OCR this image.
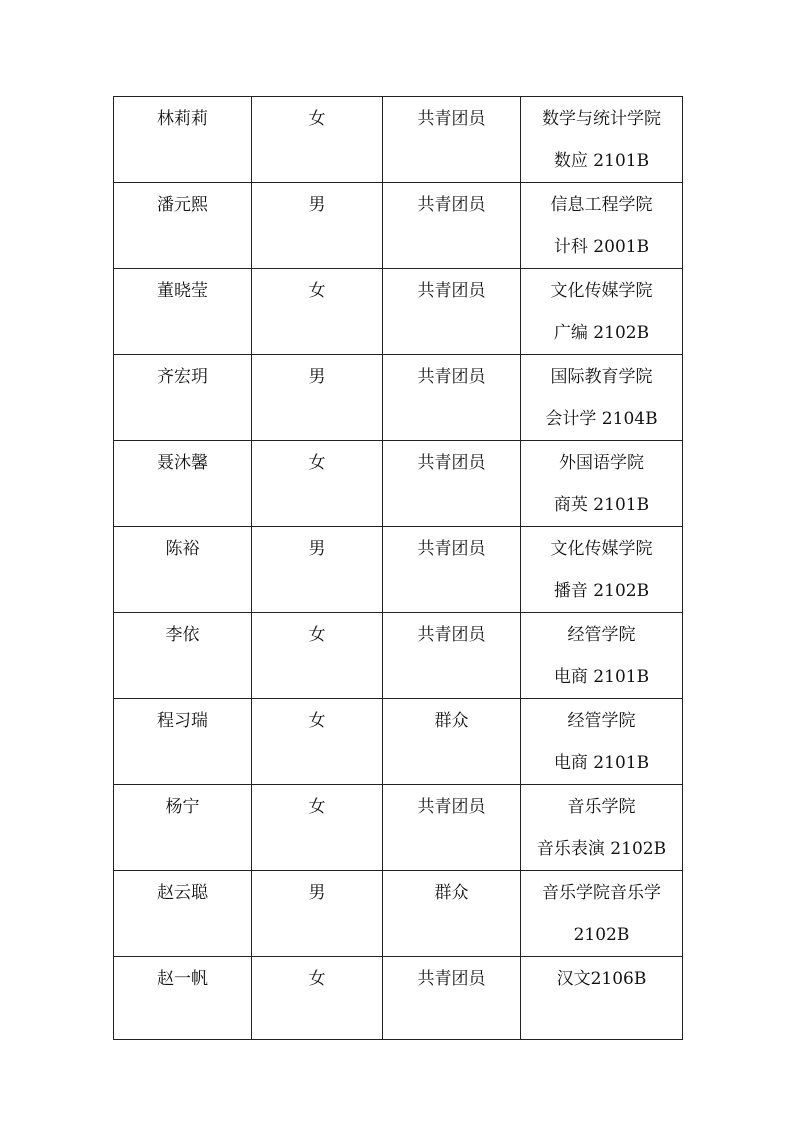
林莉莉	女	共青团员	数学与统计学院
数应 2101B

潘元熙	男	共青团员	信息工程学院
计科 2001B

董晓莹	女	共青团员	文化传媒学院
广编 2102B

齐宏玥	男	共青团员	国际教育学院
会计学 2104B

聂沐馨	女	共青团员	外国语学院
商英 2101B

陈裕	男	共青团员	文化传媒学院
播音 2102B

李依	女	共青团员	经管学院
电商 2101B

程习瑞	女	群众	经管学院
电商 2101B

杨宁	女	共青团员	音乐学院
音乐表演 2102B

赵云聪	男	群众	音乐学院音乐学
2102B

赵一帆	女	共青团员	汉文2106B
